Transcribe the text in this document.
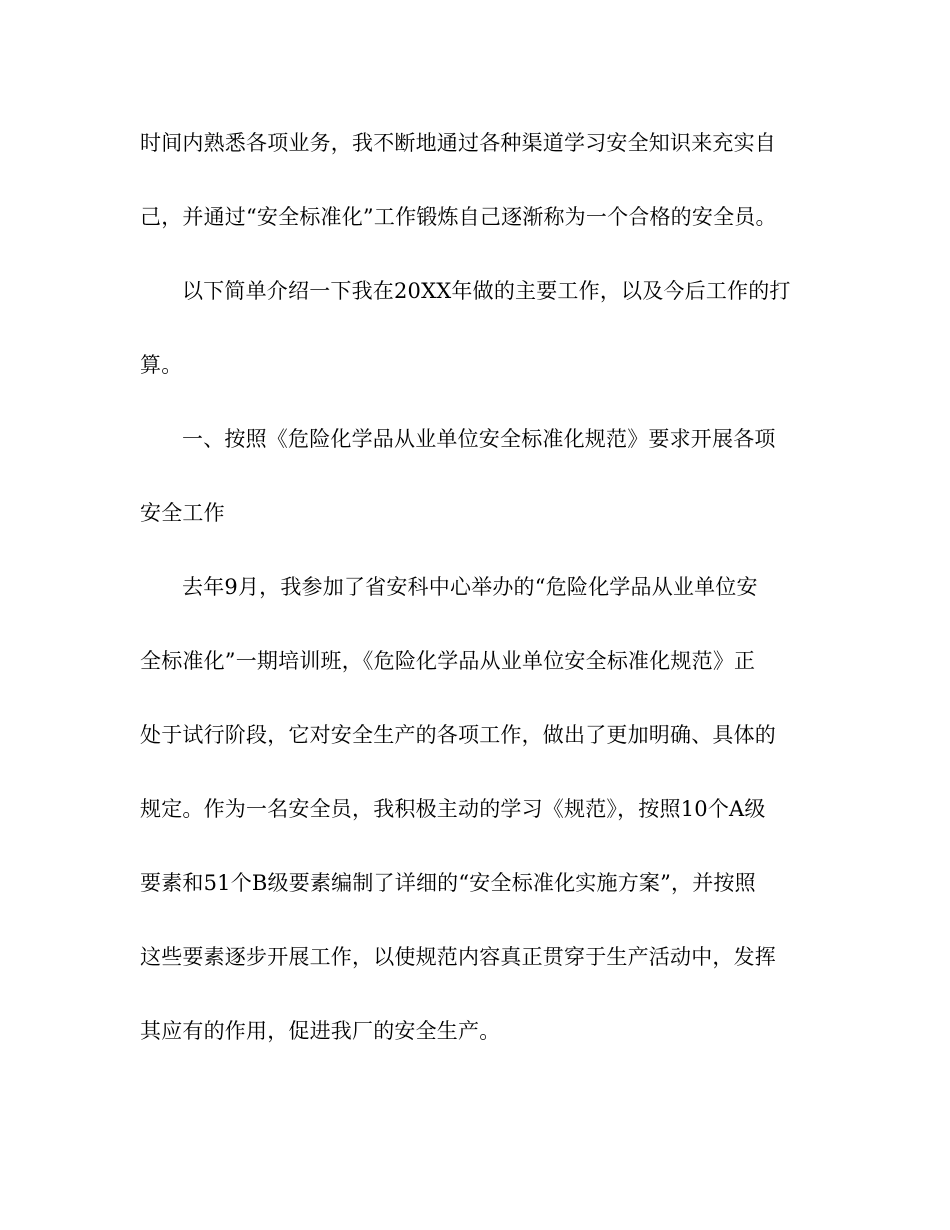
时间内熟悉各项业务，我不断地通过各种渠道学习安全知识来充实自
己，并通过“安全标准化”工作锻炼自己逐渐称为一个合格的安全员。
以下简单介绍一下我在20XX年做的主要工作，以及今后工作的打
算。
一、按照《危险化学品从业单位安全标准化规范》要求开展各项
安全工作
去年9月，我参加了省安科中心举办的“危险化学品从业单位安
全标准化”一期培训班，《危险化学品从业单位安全标准化规范》正
处于试行阶段，它对安全生产的各项工作，做出了更加明确、具体的
规定。作为一名安全员，我积极主动的学习《规范》，按照10个A级
要素和51个B级要素编制了详细的“安全标准化实施方案”，并按照
这些要素逐步开展工作，以使规范内容真正贯穿于生产活动中，发挥
其应有的作用，促进我厂的安全生产。
